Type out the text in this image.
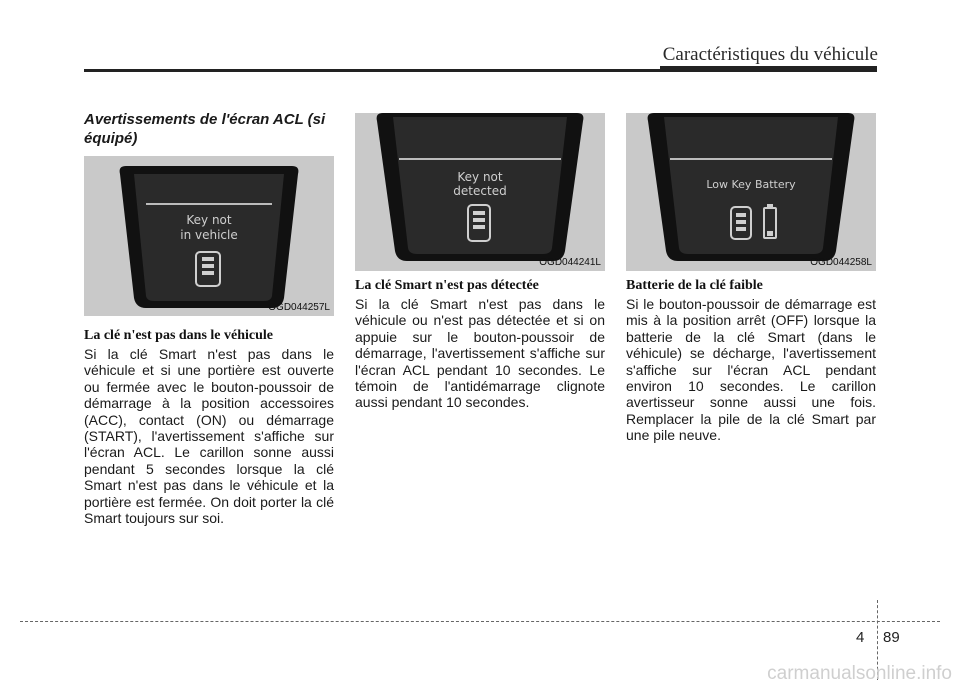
Caractéristiques du véhicule
Avertissements de l'écran ACL (si équipé)
Key not
in vehicle
OGD044257L
Key not
detected
OGD044241L
Low Key Battery
OGD044258L
La clé n'est pas dans le véhicule
Si la clé Smart n'est pas dans le véhicule et si une portière est ouverte ou fermée avec le bouton-poussoir de démarrage à la position accessoires (ACC), contact (ON) ou démarrage (START), l'avertissement s'affiche sur l'écran ACL. Le carillon sonne aussi pendant 5 secondes lorsque la clé Smart n'est pas dans le véhicule et la portière est fermée. On doit porter la clé Smart toujours sur soi.
La clé Smart n'est pas détectée
Si la clé Smart n'est pas dans le véhicule ou n'est pas détectée et si on appuie sur le bouton-poussoir de démarrage, l'avertissement s'affiche sur l'écran ACL pendant 10 secondes. Le témoin de l'antidémarrage clignote aussi pendant 10 secondes.
Batterie de la clé faible
Si le bouton-poussoir de démarrage est mis à la position arrêt (OFF) lorsque la batterie de la clé Smart (dans le véhicule) se décharge, l'avertissement s'affiche sur l'écran ACL pendant environ 10 secondes. Le carillon avertisseur sonne aussi une fois. Remplacer la pile de la clé Smart par une pile neuve.
4 89
carmanualsonline.info
